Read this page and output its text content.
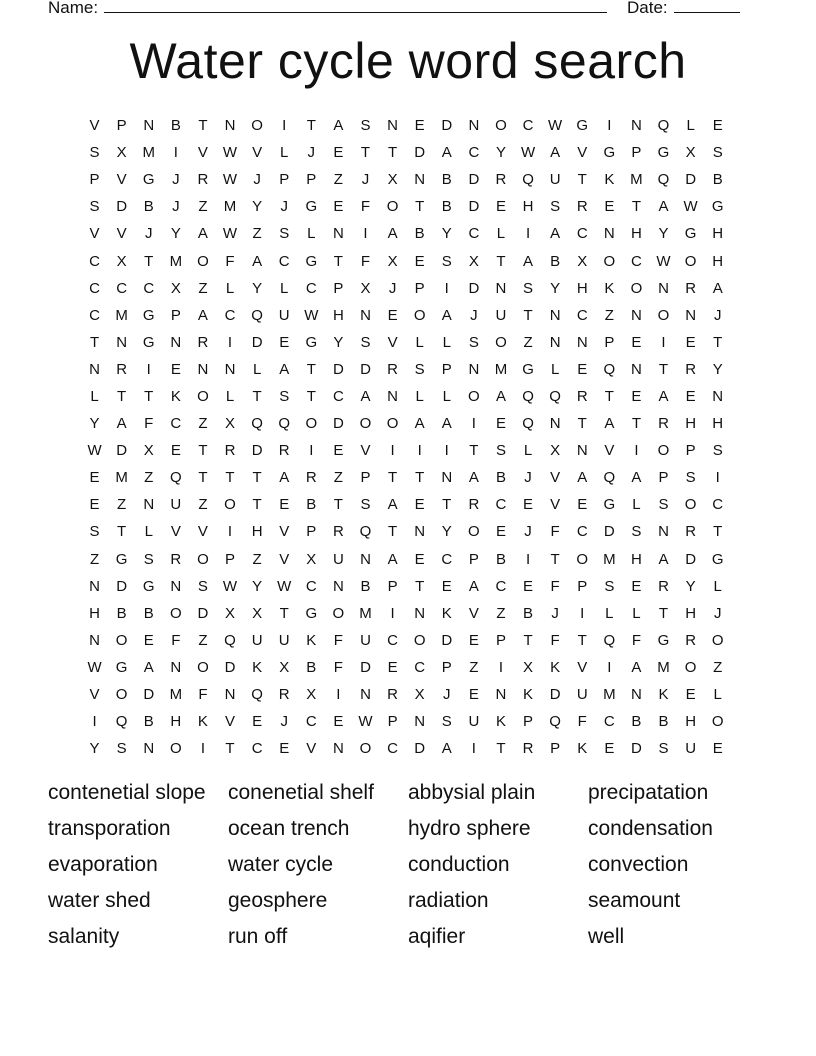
Name:	Date:
Water cycle word search
V	P	N	B	T	N	O	I	T	A	S	N	E	D	N	O	C W G	I	N	Q	L	E
S	X	M	I	V	W	V	L	J	E	T	T	D	A	C	Y	W	A	V	G	P	G	X	S
P	V	G	J	R W	J	P	P	Z	J	X	N	B	D	R	Q	U	T	K	M	Q	D	B
S	D	B	J	Z	M	Y	J	G	E	F	O	T	B	D	E	H	S	R	E	T	A	W G
V	V	J	Y	A	W	Z	S	L	N	I	A	B	Y	C	L	I	A	C	N	H	Y	G	H
C	X	T	M	O	F	A	C	G	T	F	X	E	S	X	T	A	B	X	O	C W O	H
C	C	C	X	Z	L	Y	L	C	P	X	J	P	I	D	N	S	Y	H	K	O	N	R	A
C	M	G	P	A	C	Q	U W H	N	E	O	A	J	U	T	N	C	Z	N	O	N	J
T	N	G	N	R	I	D	E	G	Y	S	V	L	L	S	O	Z	N	N	P	E	I	E	T
N	R	I	E	N	N	L	A	T	D	D	R	S	P	N	M	G	L	E	Q	N	T	R	Y
L	T	T	K	O	L	T	S	T	C	A	N	L	L	O	A	Q	Q	R	T	E	A	E	N
Y	A	F	C	Z	X	Q	Q	O	D	O	O	A	A	I	E	Q	N	T	A	T	R	H	H
W D	X	E	T	R	D	R	I	E	V	I	I	I	T	S	L	X	N	V	I	O	P	S
E	M	Z	Q	T	T	T	A	R	Z	P	T	T	N	A	B	J	V	A	Q	A	P	S	I
E	Z	N	U	Z	O	T	E	B	T	S	A	E	T	R	C	E	V	E	G	L	S	O	C
S	T	L	V	V	I	H	V	P	R	Q	T	N	Y	O	E	J	F	C	D	S	N	R	T
Z	G	S	R	O	P	Z	V	X	U	N	A	E	C	P	B	I	T	O	M	H	A	D	G
N	D	G	N	S	W	Y	W C	N	B	P	T	E	A	C	E	F	P	S	E	R	Y	L
H	B	B	O	D	X	X	T	G	O	M	I	N	K	V	Z	B	J	I	L	L	T	H	J
N	O	E	F	Z	Q	U	U	K	F	U	C	O	D	E	P	T	F	T	Q	F	G	R	O
W G	A	N	O	D	K	X	B	F	D	E	C	P	Z	I	X	K	V	I	A	M	O	Z
V	O	D	M	F	N	Q	R	X	I	N	R	X	J	E	N	K	D	U	M	N	K	E	L
I	Q	B	H	K	V	E	J	C	E	W	P	N	S	U	K	P	Q	F	C	B	B	H	O
Y	S	N	O	I	T	C	E	V	N	O	C	D	A	I	T	R	P	K	E	D	S	U	E
contenetial slope	conenetial shelf	abbysial plain	precipatation
transporation	ocean trench	hydro sphere	condensation
evaporation	water cycle	conduction	convection
water shed	geosphere	radiation	seamount
salanity	run off	aqifier	well
